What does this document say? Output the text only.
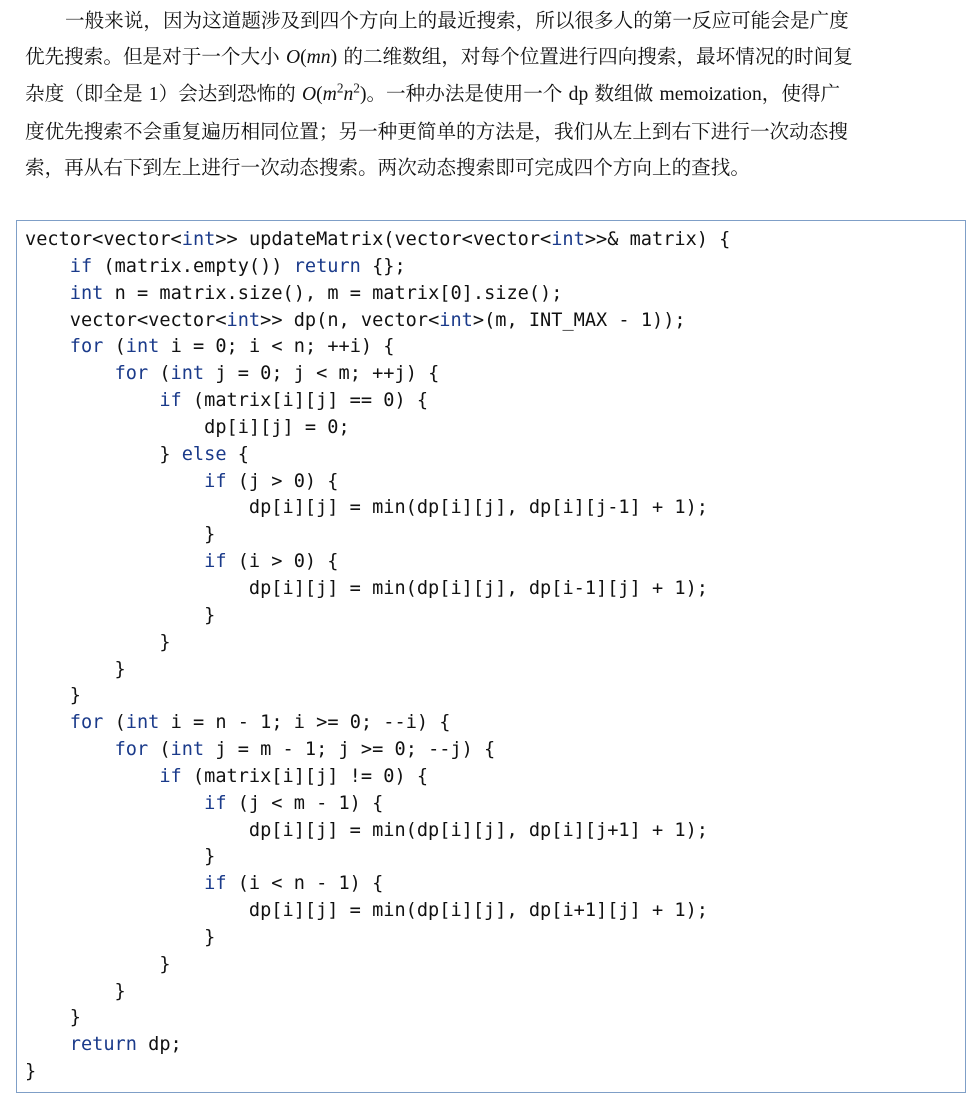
一般来说，因为这道题涉及到四个方向上的最近搜索，所以很多人的第一反应可能会是广度
优先搜索。但是对于一个大小 O(mn) 的二维数组，对每个位置进行四向搜索，最坏情况的时间复
杂度（即全是 1）会达到恐怖的 $O(m^2n^2)$。一种办法是使用一个 dp 数组做 memoization，使得广
度优先搜索不会重复遍历相同位置；另一种更简单的方法是，我们从左上到右下进行一次动态搜
索，再从右下到左上进行一次动态搜索。两次动态搜索即可完成四个方向上的查找。
vector<vector<int>> updateMatrix(vector<vector<int>>& matrix) {
if (matrix.empty()) return {};
int n = matrix.size(), m = matrix[0].size();
vector<vector<int>> dp(n, vector<int>(m, INT_MAX - 1));
for (int i = 0; i < n; ++i) {
for (int j = 0; j < m; ++j) {
if (matrix[i][j] == 0) {
dp[i][j] = 0;
} else {
if (j > 0) {
dp[i][j] = min(dp[i][j], dp[i][j-1] + 1);
}
if (i > 0) {
dp[i][j] = min(dp[i][j], dp[i-1][j] + 1);
}
}
}
}
for (int i = n - 1; i >= 0; --i) {
for (int j = m - 1; j >= 0; --j) {
if (matrix[i][j] != 0) {
if (j < m - 1) {
dp[i][j] = min(dp[i][j], dp[i][j+1] + 1);
}
if (i < n - 1) {
dp[i][j] = min(dp[i][j], dp[i+1][j] + 1);
}
}
}
}
return dp;
}
